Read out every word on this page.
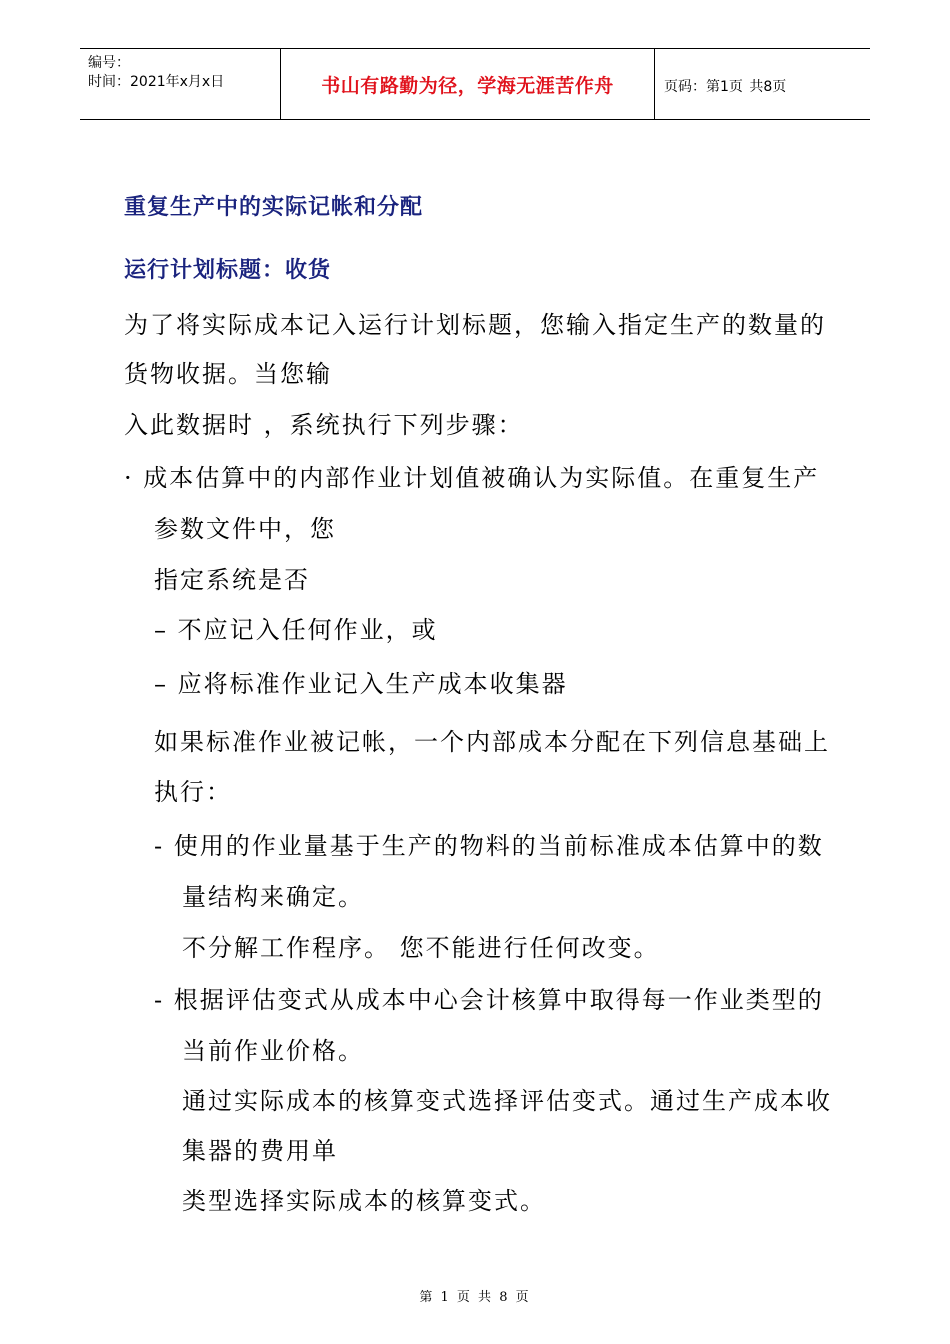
编号：
时间：2021年x月x日	书山有路勤为径，学海无涯苦作舟	页码：第1页 共8页
重复生产中的实际记帐和分配
运行计划标题：收货
为了将实际成本记入运行计划标题，您输入指定生产的数量的
货物收据。当您输
入此数据时 ，系统执行下列步骤：
· 成本估算中的内部作业计划值被确认为实际值。在重复生产
参数文件中，您
指定系统是否
– 不应记入任何作业，或
– 应将标准作业记入生产成本收集器
如果标准作业被记帐，一个内部成本分配在下列信息基础上
执行：
- 使用的作业量基于生产的物料的当前标准成本估算中的数
量结构来确定。
不分解工作程序。 您不能进行任何改变。
- 根据评估变式从成本中心会计核算中取得每一作业类型的
当前作业价格。
通过实际成本的核算变式选择评估变式。通过生产成本收
集器的费用单
类型选择实际成本的核算变式。
第 1 页 共 8 页
